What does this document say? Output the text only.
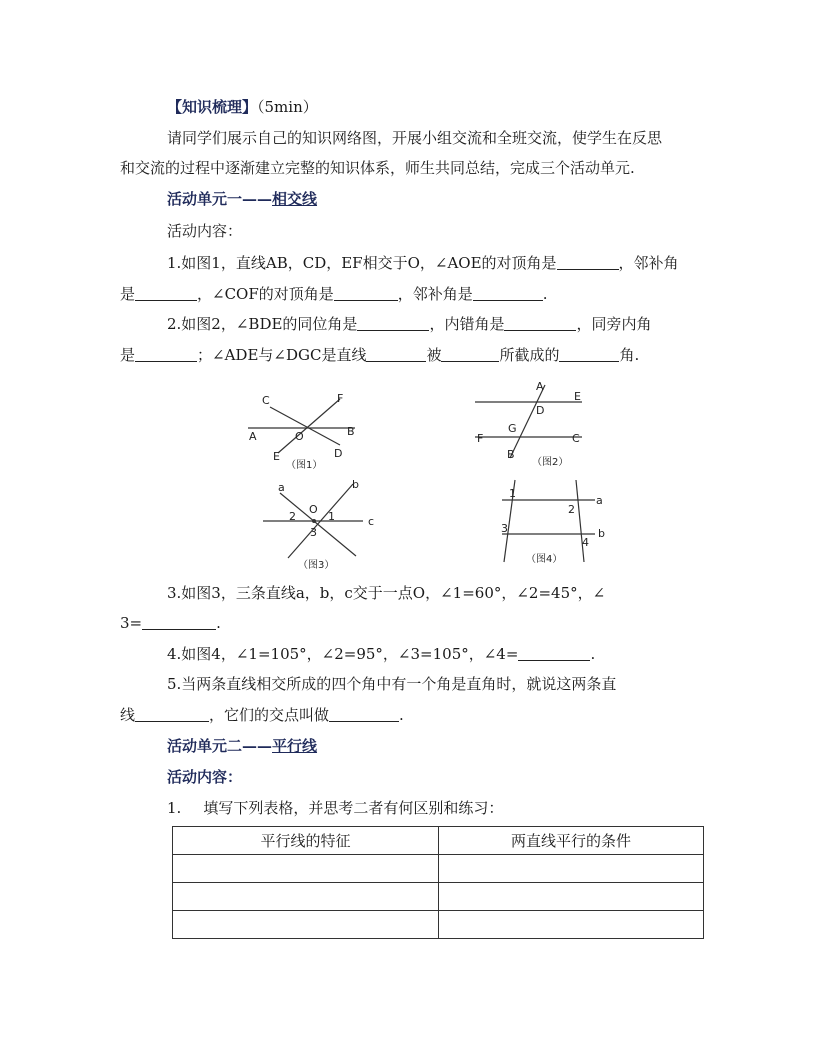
【知识梳理】（5min）
请同学们展示自己的知识网络图，开展小组交流和全班交流，使学生在反思
和交流的过程中逐渐建立完整的知识体系，师生共同总结，完成三个活动单元.
活动单元一——相交线
活动内容：
1.如图1，直线AB，CD，EF相交于O，∠AOE的对顶角是	，邻补角
是	，∠COF的对顶角是	，邻补角是	.
2.如图2，∠BDE的同位角是	，内错角是	，同旁内角
是	；∠ADE与∠DGC是直线	被	所截成的	角.
C	F
A	O	B
E	D
（图1）
A
D
E
G
F	C
B
（图2）
a	b
O
2	1	c
3
（图3）
1
a
2
b
3
4
（图4）
3.如图3，三条直线a，b，c交于一点O，∠1=60°，∠2=45°，∠
3=	.
4.如图4，∠1=105°，∠2=95°，∠3=105°，∠4=	.
5.当两条直线相交所成的四个角中有一个角是直角时，就说这两条直
线	，它们的交点叫做	.
活动单元二——平行线
活动内容：
1. 填写下列表格，并思考二者有何区别和练习：
平行线的特征	两直线平行的条件
